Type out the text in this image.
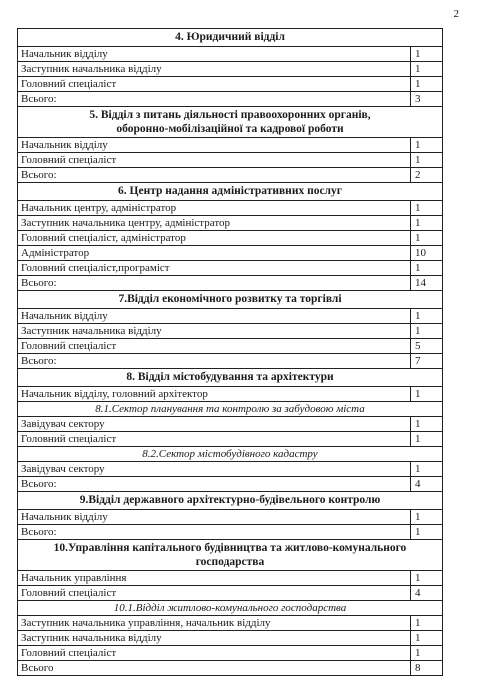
2
4. Юридичний відділ	
Начальник відділу	1
Заступник начальника відділу	1
Головний спеціаліст	1
Всього:	3
5. Відділ з питань діяльності правоохоронних органів,
оборонно-мобілізаційної та кадрової роботи	
Начальник відділу	1
Головний спеціаліст	1
Всього:	2
6. Центр надання адміністративних послуг	
Начальник центру, адміністратор	1
Заступник начальника центру, адміністратор	1
Головний спеціаліст, адміністратор	1
Адміністратор	10
Головний спеціаліст,програміст	1
Всього:	14
7.Відділ економічного розвитку та торгівлі	
Начальник відділу	1
Заступник начальника відділу	1
Головний спеціаліст	5
Всього:	7
8. Відділ містобудування та архітектури	
Начальник відділу, головний архітектор	1
8.1.Сектор планування та контролю за забудовою міста	
Завідувач сектору	1
Головний спеціаліст	1
8.2.Сектор містобудівного кадастру	
Завідувач сектору	1
Всього:	4
9.Відділ державного архітектурно-будівельного контролю	
Начальник відділу	1
Всього:	1
10.Управління капітального будівництва та житлово-комунального
господарства	
Начальник управління	1
Головний спеціаліст	4
10.1.Відділ житлово-комунального господарства	
Заступник начальника управління, начальник відділу	1
Заступник начальника відділу	1
Головний спеціаліст	1
Всього	8
